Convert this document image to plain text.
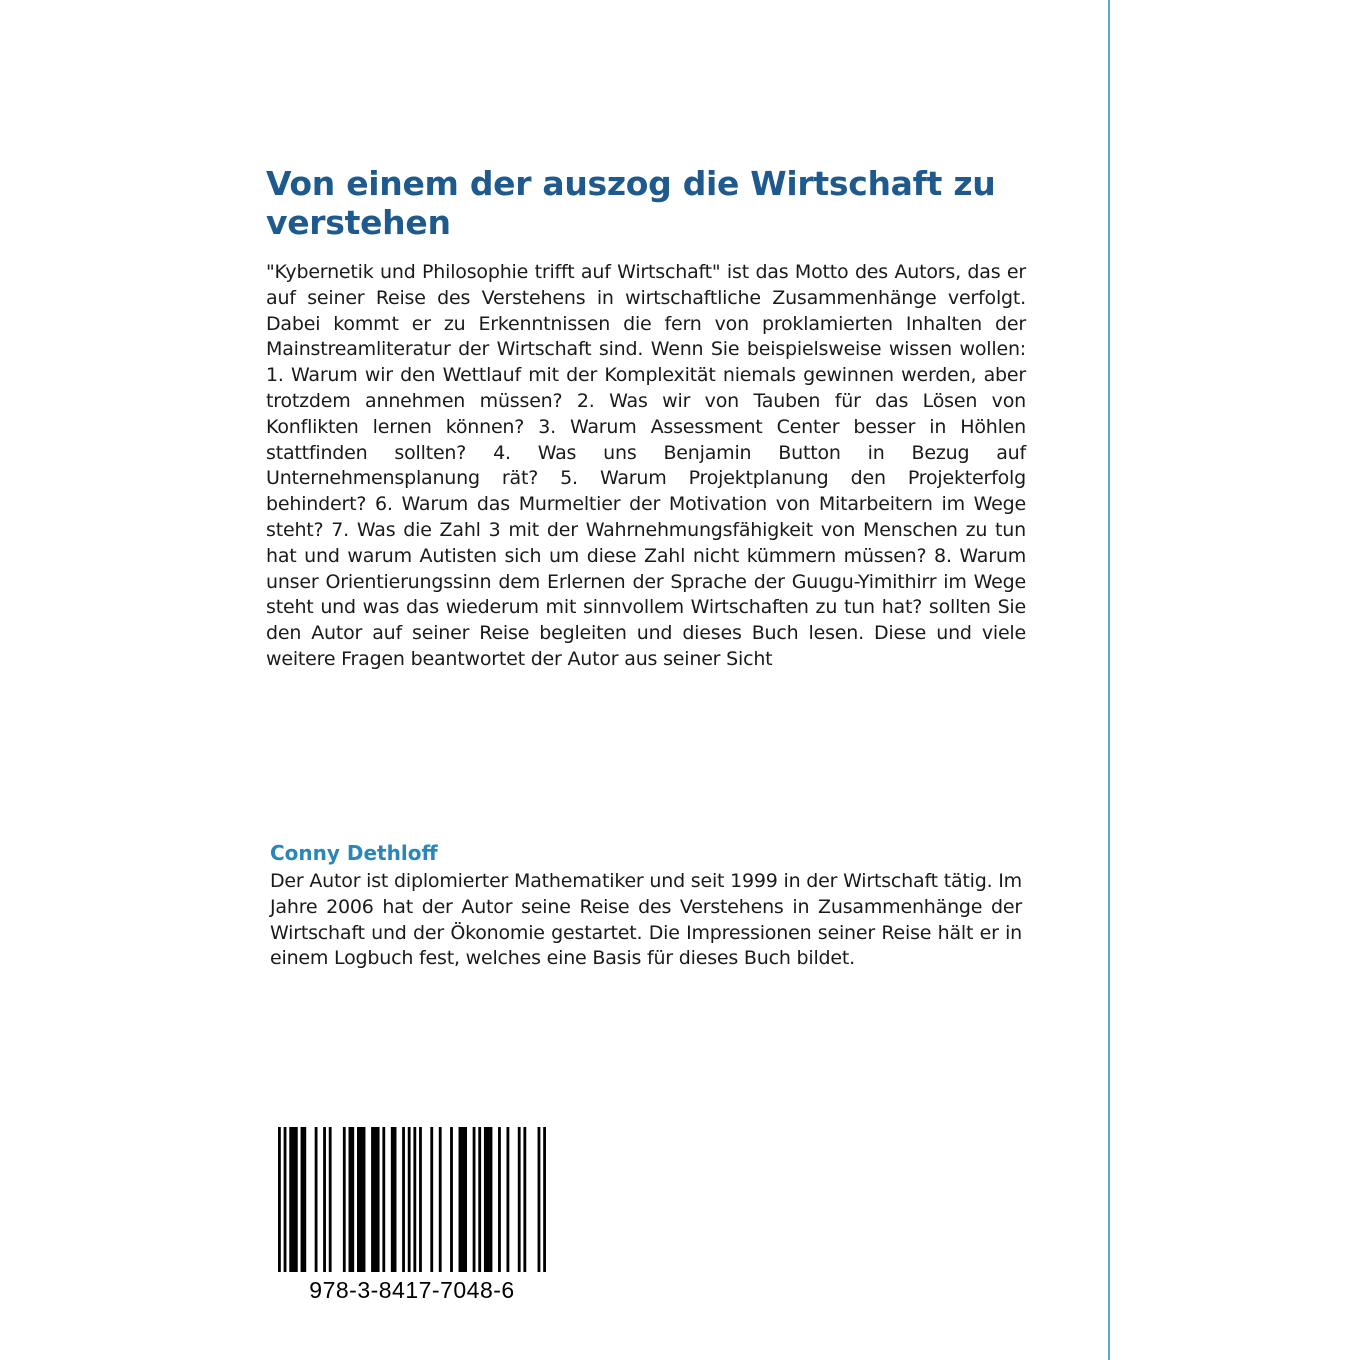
Von einem der auszog die Wirtschaft zu verstehen

"Kybernetik und Philosophie trifft auf Wirtschaft" ist das Motto des Autors, das er auf seiner Reise des Verstehens in wirtschaftliche Zusammenhänge verfolgt. Dabei kommt er zu Erkenntnissen die fern von proklamierten Inhalten der Mainstreamliteratur der Wirtschaft sind. Wenn Sie beispielsweise wissen wollen: 1. Warum wir den Wettlauf mit der Komplexität niemals gewinnen werden, aber trotzdem annehmen müssen? 2. Was wir von Tauben für das Lösen von Konflikten lernen können? 3. Warum Assessment Center besser in Höhlen stattfinden sollten? 4. Was uns Benjamin Button in Bezug auf Unternehmensplanung rät? 5. Warum Projektplanung den Projekterfolg behindert? 6. Warum das Murmeltier der Motivation von Mitarbeitern im Wege steht? 7. Was die Zahl 3 mit der Wahrnehmungsfähigkeit von Menschen zu tun hat und warum Autisten sich um diese Zahl nicht kümmern müssen? 8. Warum unser Orientierungssinn dem Erlernen der Sprache der Guugu-Yimithirr im Wege steht und was das wiederum mit sinnvollem Wirtschaften zu tun hat? sollten Sie den Autor auf seiner Reise begleiten und dieses Buch lesen. Diese und viele weitere Fragen beantwortet der Autor aus seiner Sicht

Conny Dethloff

Der Autor ist diplomierter Mathematiker und seit 1999 in der Wirtschaft tätig. Im Jahre 2006 hat der Autor seine Reise des Verstehens in Zusammenhänge der Wirtschaft und der Ökonomie gestartet. Die Impressionen seiner Reise hält er in einem Logbuch fest, welches eine Basis für dieses Buch bildet.

978-3-8417-7048-6
